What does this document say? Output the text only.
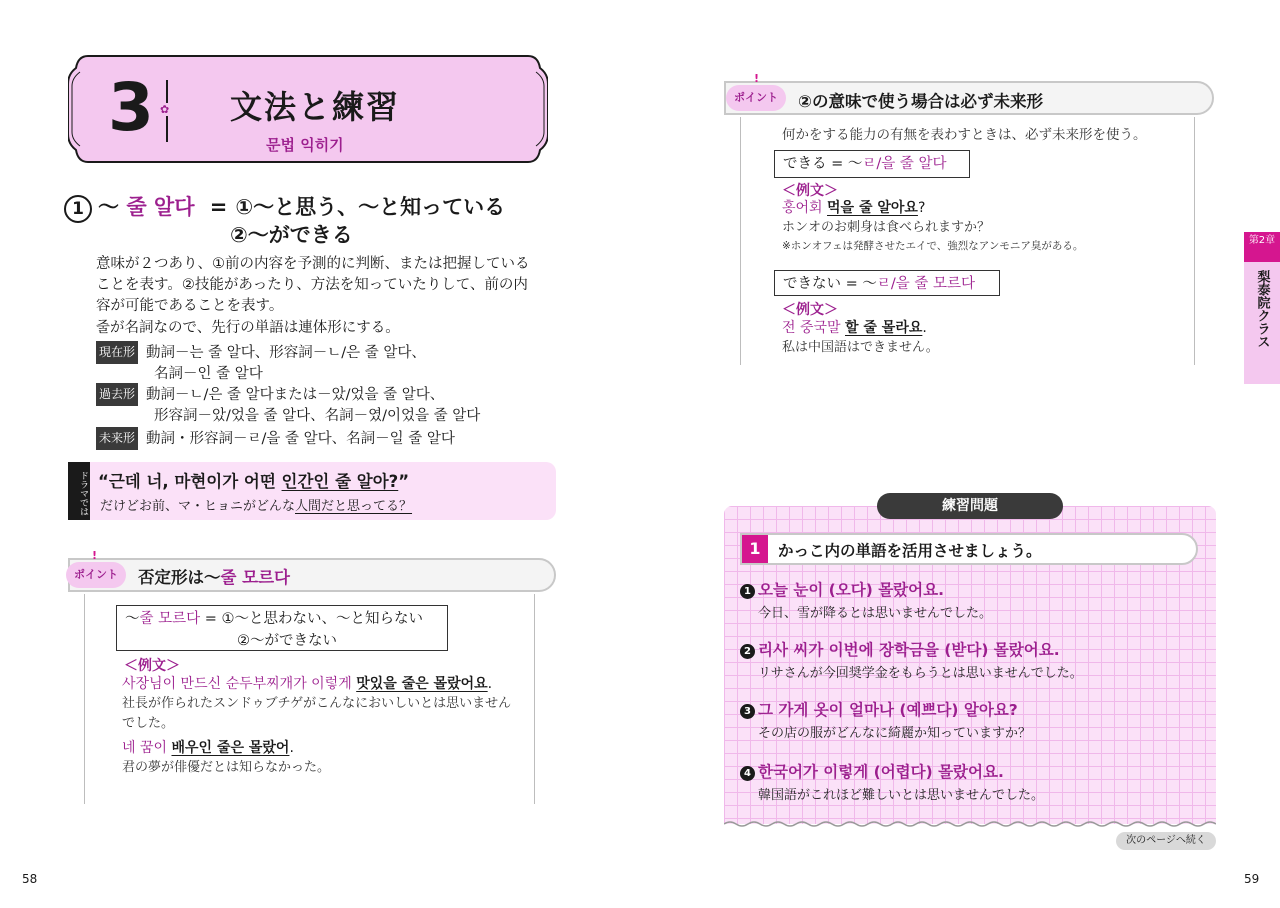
3 ✿ 文法と練習
문법 익히기
1 ～ 줄 알다 = ①～と思う、～と知っている
②～ができる
意味が２つあり、①前の内容を予測的に判断、または把握している
ことを表す。②技能があったり、方法を知っていたりして、前の内
容が可能であることを表す。
줄が名詞なので、先行の単語は連体形にする。
現在形 動詞－는 줄 알다、形容詞－ㄴ/은 줄 알다、
名詞－인 줄 알다
過去形 動詞－ㄴ/은 줄 알다または－았/었을 줄 알다、
形容詞－았/었을 줄 알다、名詞－였/이었을 줄 알다
未来形 動詞・形容詞－ㄹ/을 줄 알다、名詞－일 줄 알다
ドラマでは “근데 너, 마현이가 어떤 인간인 줄 알아?”
だけどお前、マ・ヒョニがどんな人間だと思ってる？
!
ポイント	否定形は～줄 모르다
～줄 모르다 = ①～と思わない、～と知らない
②～ができない
＜例文＞
사장님이 만드신 순두부찌개가 이렇게 맛있을 줄은 몰랐어요.
社長が作られたスンドゥブチゲがこんなにおいしいとは思いません
でした。
네 꿈이 배우인 줄은 몰랐어.
君の夢が俳優だとは知らなかった。
58
!
ポイント	②の意味で使う場合は必ず未来形
何かをする能力の有無を表わすときは、必ず未来形を使う。
できる = ～ㄹ/을 줄 알다
＜例文＞
홍어회 먹을 줄 알아요?
ホンオのお刺身は食べられますか？
※ホンオフェは発酵させたエイで、強烈なアンモニア臭がある。
できない = ～ㄹ/을 줄 모르다
＜例文＞
전 중국말 할 줄 몰라요.
私は中国語はできません。
第2章
梨泰院クラス
練習問題
1	かっこ内の単語を活用させましょう。
1 오늘 눈이 (오다) 몰랐어요.
今日、雪が降るとは思いませんでした。
2 리사 씨가 이번에 장학금을 (받다) 몰랐어요.
リサさんが今回奨学金をもらうとは思いませんでした。
3 그 가게 옷이 얼마나 (예쁘다) 알아요?
その店の服がどんなに綺麗か知っていますか？
4 한국어가 이렇게 (어렵다) 몰랐어요.
韓国語がこれほど難しいとは思いませんでした。
次のページへ続く
59
